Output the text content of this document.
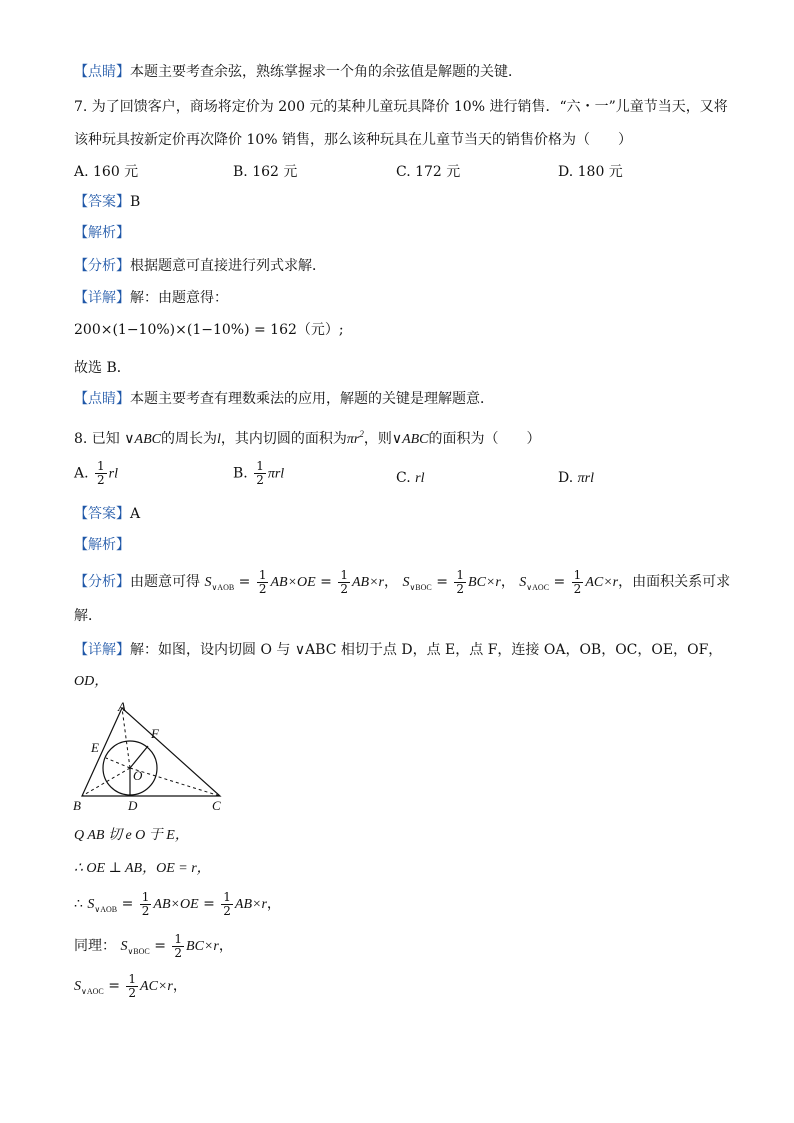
【点睛】本题主要考查余弦，熟练掌握求一个角的余弦值是解题的关键．
7. 为了回馈客户，商场将定价为 200 元的某种儿童玩具降价 10% 进行销售．“六・一”儿童节当天，又将
该种玩具按新定价再次降价 10% 销售，那么该种玩具在儿童节当天的销售价格为（　　）
A. 160 元	B. 162 元	C. 172 元	D. 180 元
【答案】B
【解析】
【分析】根据题意可直接进行列式求解．
【详解】解：由题意得：
200×(1−10%)×(1−10%) = 162（元）;
故选 B．
【点睛】本题主要考查有理数乘法的应用，解题的关键是理解题意．
8. 已知 ∨ABC的周长为l，其内切圆的面积为$\pi r^2$，则∨ABC的面积为（　　）
A. $\frac{1}{2}$ rl	B. $\frac{1}{2}$ πrl	C. rl	D. πrl
【答案】A
【解析】
【分析】由题意可得 $S_{\vee AOB} = \frac{1}{2} AB\times OE = \frac{1}{2} AB\times r$， $S_{\vee BOC} = \frac{1}{2} BC\times r$， $S_{\vee AOC} = \frac{1}{2} AC\times r$，由面积关系可求
解．
【详解】解：如图，设内切圆 O 与 ∨ABC 相切于点 D，点 E，点 F，连接 OA，OB，OC，OE，OF，
OD，
A
E
F
O
B	D	C
Q AB 切 e O 于 E，
∴ OE ⊥ AB，OE = r，
∴ $S_{\vee AOB} = \frac{1}{2} AB\times OE = \frac{1}{2} AB\times r$，
同理： $S_{\vee BOC} = \frac{1}{2} BC\times r$，
$S_{\vee AOC} = \frac{1}{2} AC\times r$，
